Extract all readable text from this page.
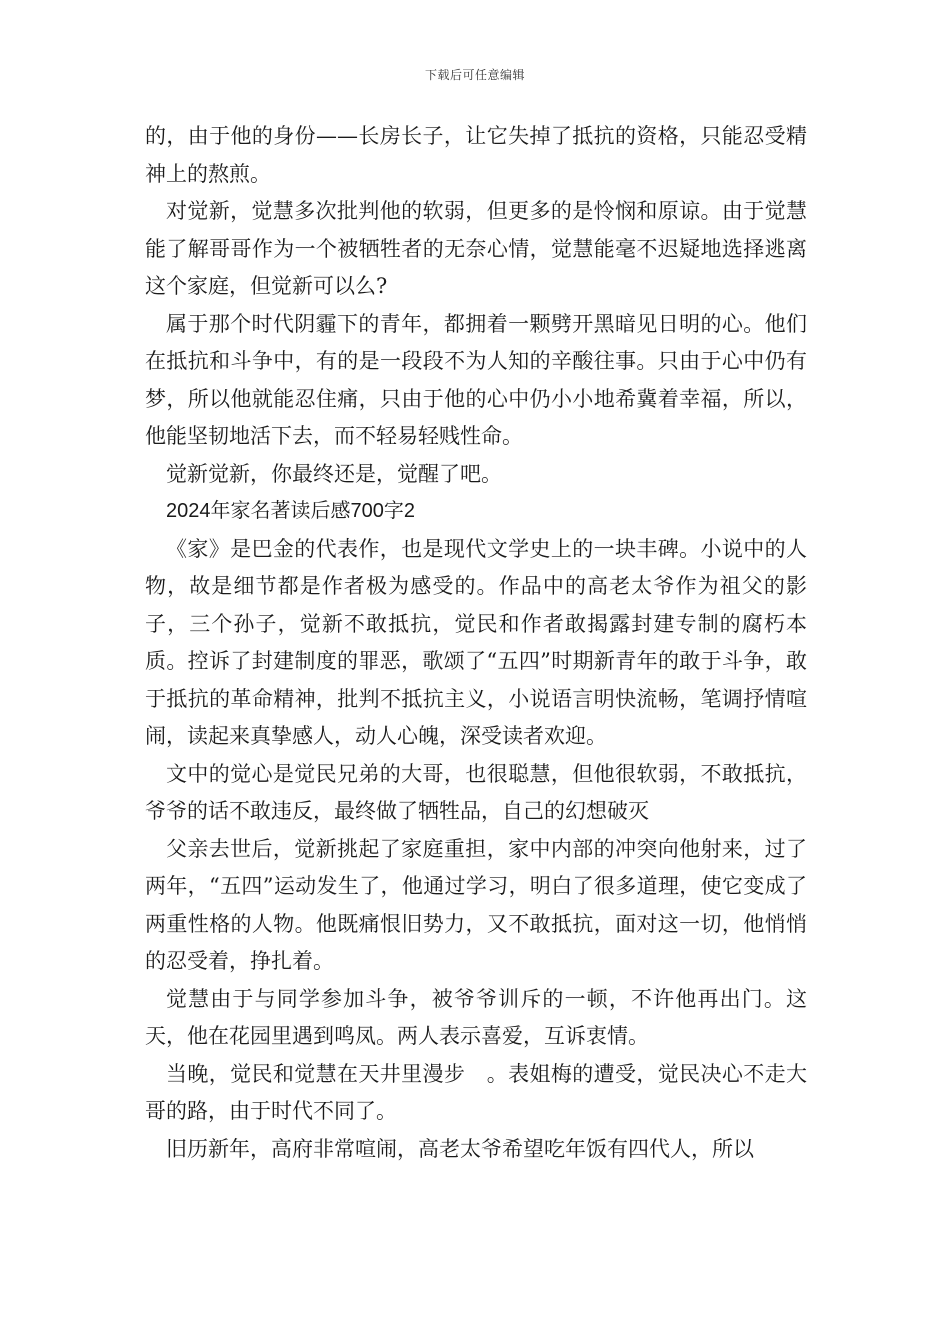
下载后可任意编辑

的，由于他的身份——长房长子，让它失掉了抵抗的资格，只能忍受精神上的熬煎。

对觉新，觉慧多次批判他的软弱，但更多的是怜悯和原谅。由于觉慧能了解哥哥作为一个被牺牲者的无奈心情，觉慧能毫不迟疑地选择逃离这个家庭，但觉新可以么?

属于那个时代阴霾下的青年，都拥着一颗劈开黑暗见日明的心。他们在抵抗和斗争中，有的是一段段不为人知的辛酸往事。只由于心中仍有梦，所以他就能忍住痛，只由于他的心中仍小小地希冀着幸福，所以，他能坚韧地活下去，而不轻易轻贱性命。

觉新觉新，你最终还是，觉醒了吧。

2024年家名著读后感700字2

《家》是巴金的代表作，也是现代文学史上的一块丰碑。小说中的人物，故是细节都是作者极为感受的。作品中的高老太爷作为祖父的影子，三个孙子，觉新不敢抵抗，觉民和作者敢揭露封建专制的腐朽本质。控诉了封建制度的罪恶，歌颂了“五四”时期新青年的敢于斗争，敢于抵抗的革命精神，批判不抵抗主义，小说语言明快流畅，笔调抒情喧闹，读起来真挚感人，动人心魄，深受读者欢迎。

文中的觉心是觉民兄弟的大哥，也很聪慧，但他很软弱，不敢抵抗，爷爷的话不敢违反，最终做了牺牲品，自己的幻想破灭

父亲去世后，觉新挑起了家庭重担，家中内部的冲突向他射来，过了两年，“五四”运动发生了，他通过学习，明白了很多道理，使它变成了两重性格的人物。他既痛恨旧势力，又不敢抵抗，面对这一切，他悄悄的忍受着，挣扎着。

觉慧由于与同学参加斗争，被爷爷训斥的一顿，不许他再出门。这天，他在花园里遇到鸣凤。两人表示喜爱，互诉衷情。

当晚，觉民和觉慧在天井里漫步　。表姐梅的遭受，觉民决心不走大哥的路，由于时代不同了。

旧历新年，高府非常喧闹，高老太爷希望吃年饭有四代人，所以
